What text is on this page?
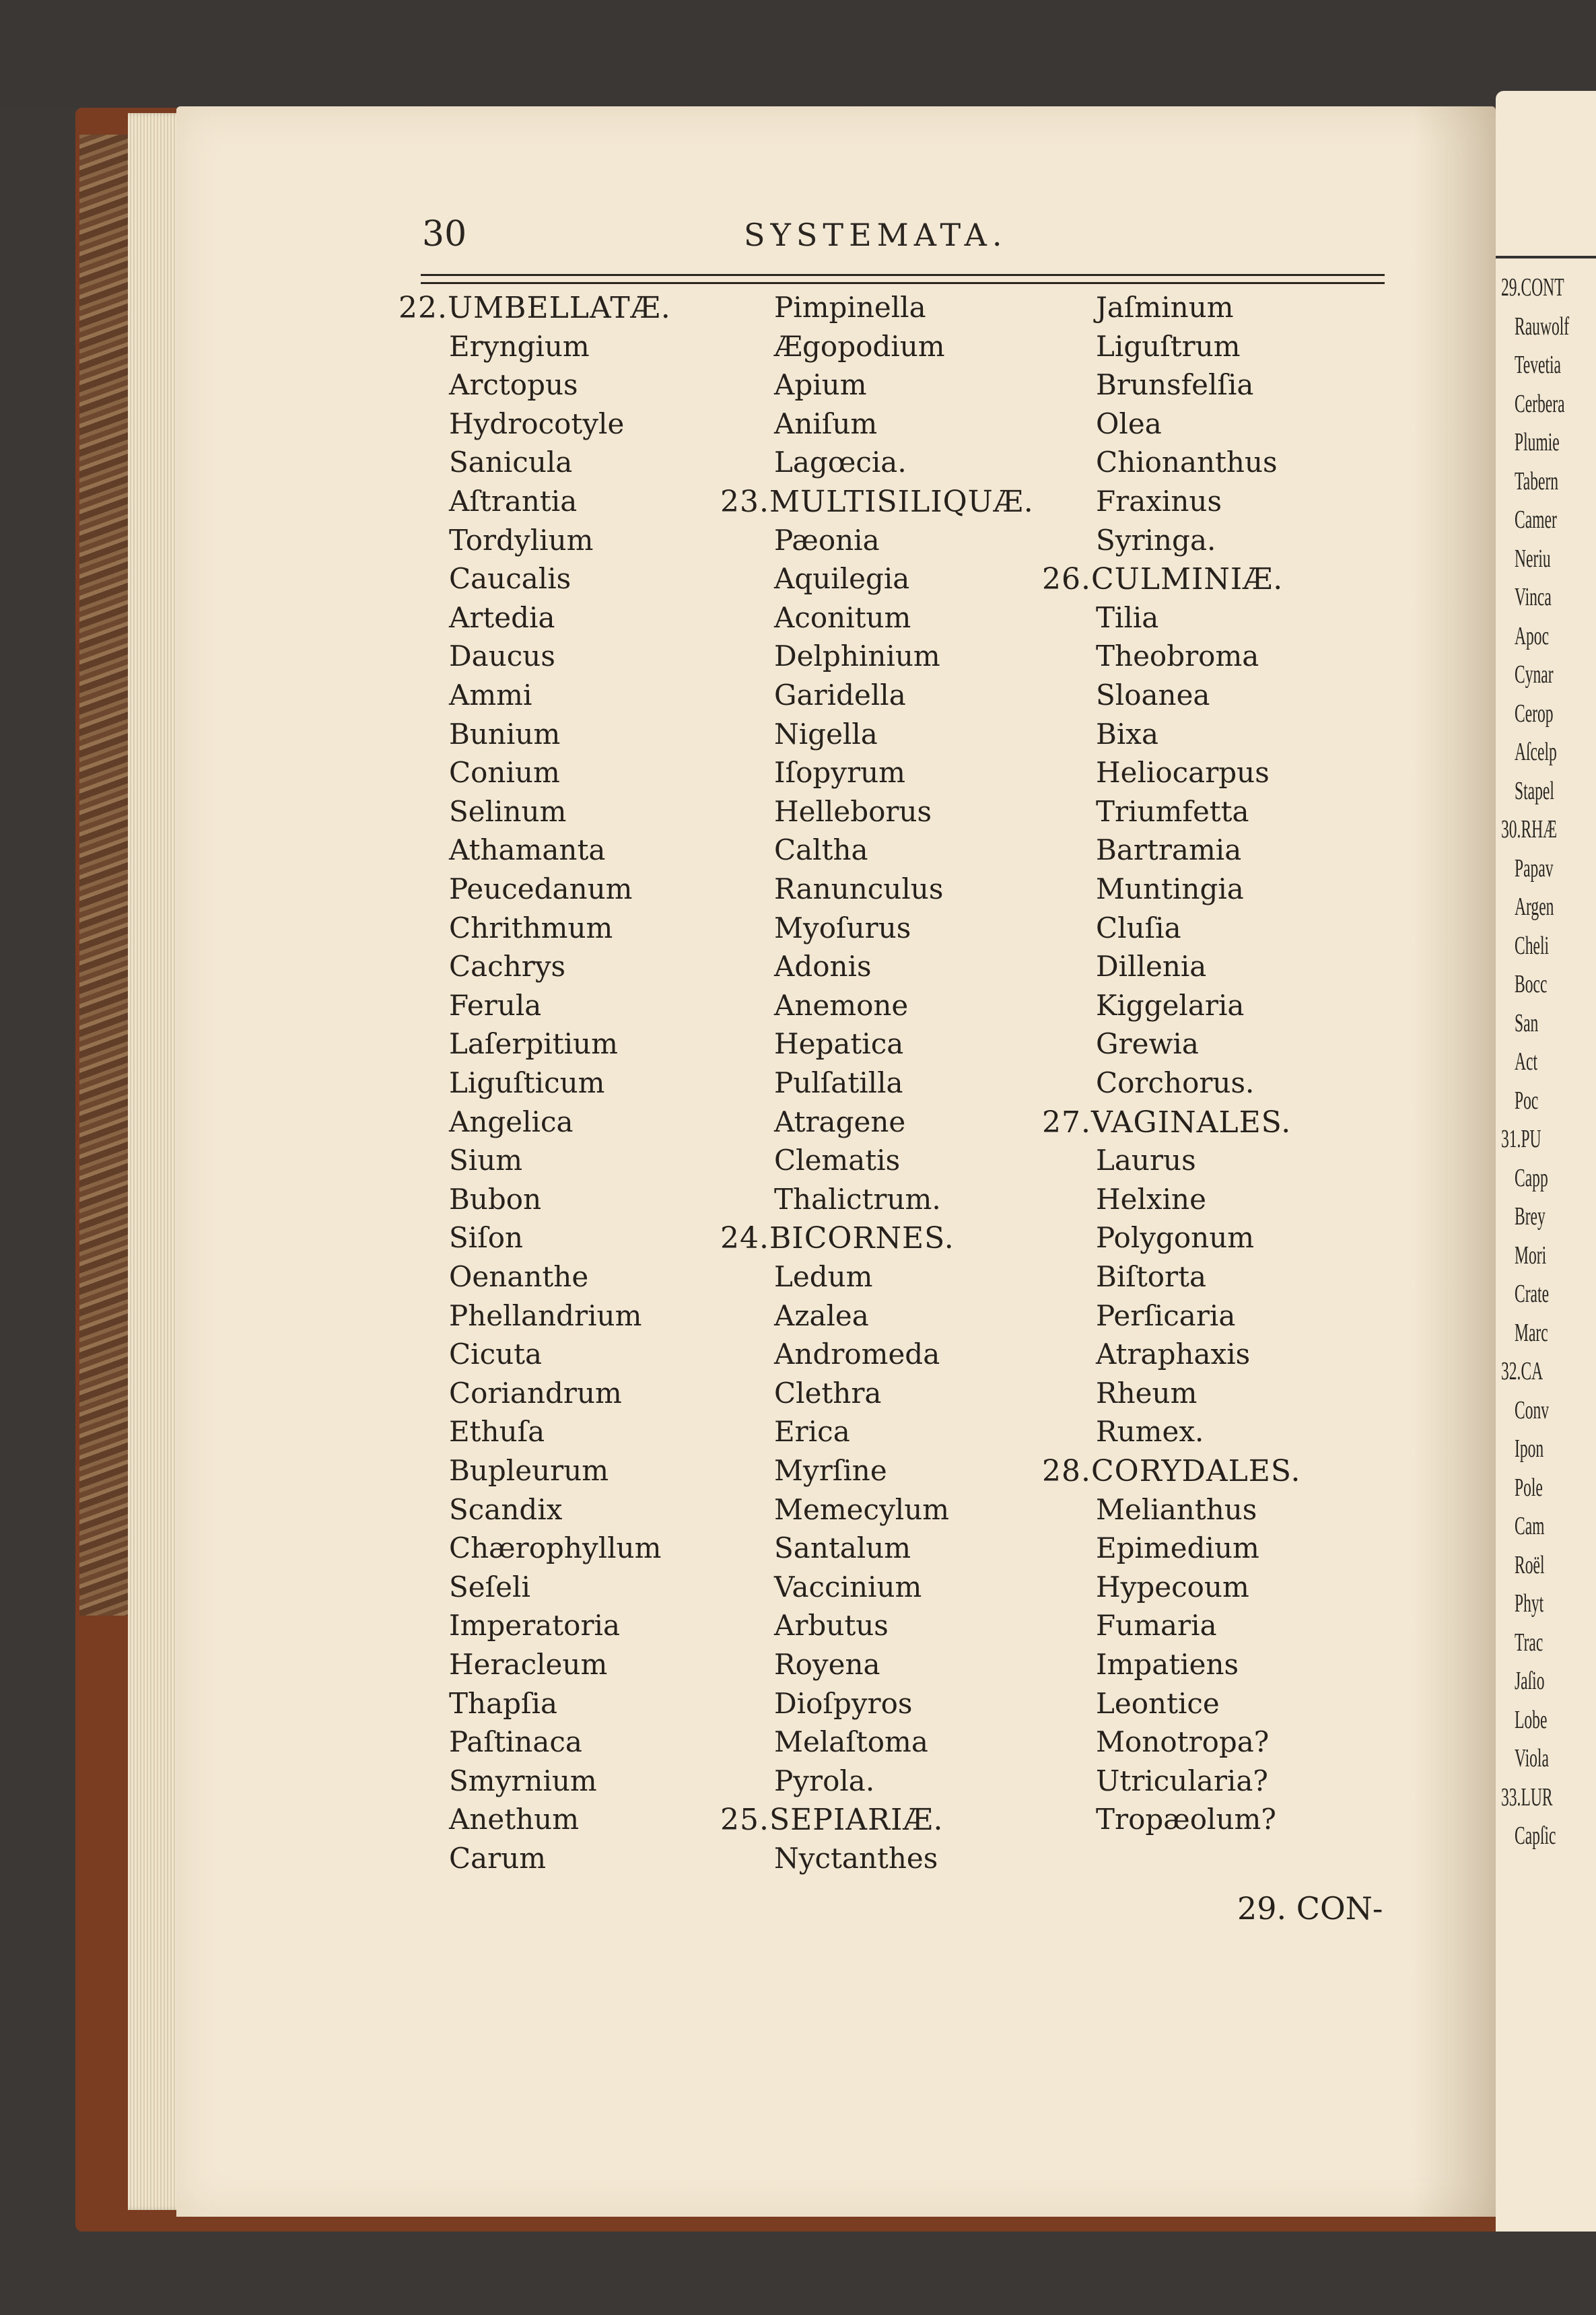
29.CONT
Rauwolf
Tevetia
Cerbera
Plumie
Tabern
Camer
Neriu
Vinca
Apoc
Cynar
Cerop
Aſcelp
Stapel
30.RHÆ
Papav
Argen
Cheli
Bocc
San
Act
Poc
31.PU
Capp
Brey
Mori
Crate
Marc
32.CA
Conv
Ipon
Pole
Cam
Roël
Phyt
Trac
Jaſio
Lobe
Viola
33.LUR
Capſic
30	SYSTEMATA.
22.UMBELLATÆ.
Eryngium
Arctopus
Hydrocotyle
Sanicula
Aſtrantia
Tordylium
Caucalis
Artedia
Daucus
Ammi
Bunium
Conium
Selinum
Athamanta
Peucedanum
Chrithmum
Cachrys
Ferula
Laſerpitium
Liguſticum
Angelica
Sium
Bubon
Siſon
Oenanthe
Phellandrium
Cicuta
Coriandrum
Ethuſa
Bupleurum
Scandix
Chærophyllum
Seſeli
Imperatoria
Heracleum
Thapſia
Paſtinaca
Smyrnium
Anethum
Carum
Pimpinella
Ægopodium
Apium
Aniſum
Lagœcia.
23.MULTISILIQUÆ.
Pæonia
Aquilegia
Aconitum
Delphinium
Garidella
Nigella
Iſopyrum
Helleborus
Caltha
Ranunculus
Myoſurus
Adonis
Anemone
Hepatica
Pulſatilla
Atragene
Clematis
Thalictrum.
24.BICORNES.
Ledum
Azalea
Andromeda
Clethra
Erica
Myrſine
Memecylum
Santalum
Vaccinium
Arbutus
Royena
Dioſpyros
Melaſtoma
Pyrola.
25.SEPIARIÆ.
Nyctanthes
Jaſminum
Liguſtrum
Brunsfelſia
Olea
Chionanthus
Fraxinus
Syringa.
26.CULMINIÆ.
Tilia
Theobroma
Sloanea
Bixa
Heliocarpus
Triumfetta
Bartramia
Muntingia
Cluſia
Dillenia
Kiggelaria
Grewia
Corchorus.
27.VAGINALES.
Laurus
Helxine
Polygonum
Biſtorta
Perſicaria
Atraphaxis
Rheum
Rumex.
28.CORYDALES.
Melianthus
Epimedium
Hypecoum
Fumaria
Impatiens
Leontice
Monotropa?
Utricularia?
Tropæolum?
29. CON-
